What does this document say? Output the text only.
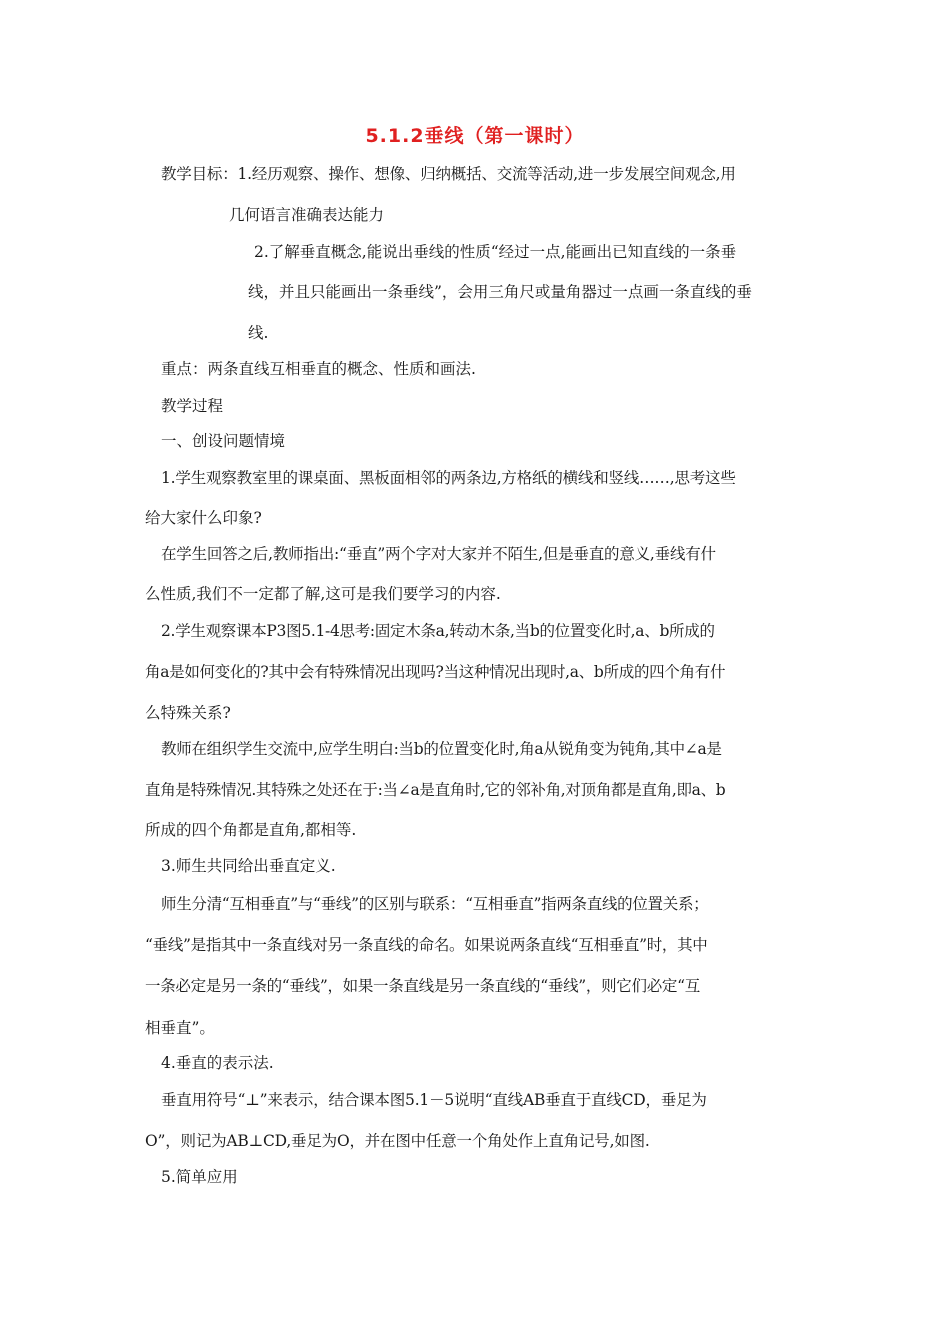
5.1.2垂线（第一课时）
教学目标：1.经历观察、操作、想像、归纳概括、交流等活动,进一步发展空间观念,用
几何语言准确表达能力
2.了解垂直概念,能说出垂线的性质“经过一点,能画出已知直线的一条垂
线，并且只能画出一条垂线”，会用三角尺或量角器过一点画一条直线的垂
线.
重点：两条直线互相垂直的概念、性质和画法.
教学过程
一、创设问题情境
1.学生观察教室里的课桌面、黑板面相邻的两条边,方格纸的横线和竖线……,思考这些
给大家什么印象?
在学生回答之后,教师指出:“垂直”两个字对大家并不陌生,但是垂直的意义,垂线有什
么性质,我们不一定都了解,这可是我们要学习的内容.
2.学生观察课本P3图5.1-4思考:固定木条a,转动木条,当b的位置变化时,a、b所成的
角a是如何变化的?其中会有特殊情况出现吗?当这种情况出现时,a、b所成的四个角有什
么特殊关系?
教师在组织学生交流中,应学生明白:当b的位置变化时,角a从锐角变为钝角,其中∠a是
直角是特殊情况.其特殊之处还在于:当∠a是直角时,它的邻补角,对顶角都是直角,即a、b
所成的四个角都是直角,都相等.
3.师生共同给出垂直定义.
师生分清“互相垂直”与“垂线”的区别与联系：“互相垂直”指两条直线的位置关系；
“垂线”是指其中一条直线对另一条直线的命名。如果说两条直线“互相垂直”时，其中
一条必定是另一条的“垂线”，如果一条直线是另一条直线的“垂线”，则它们必定“互
相垂直”。
4.垂直的表示法.
垂直用符号“⊥”来表示，结合课本图5.1－5说明“直线AB垂直于直线CD，垂足为
O”，则记为AB⊥CD,垂足为O，并在图中任意一个角处作上直角记号,如图.
5.简单应用
